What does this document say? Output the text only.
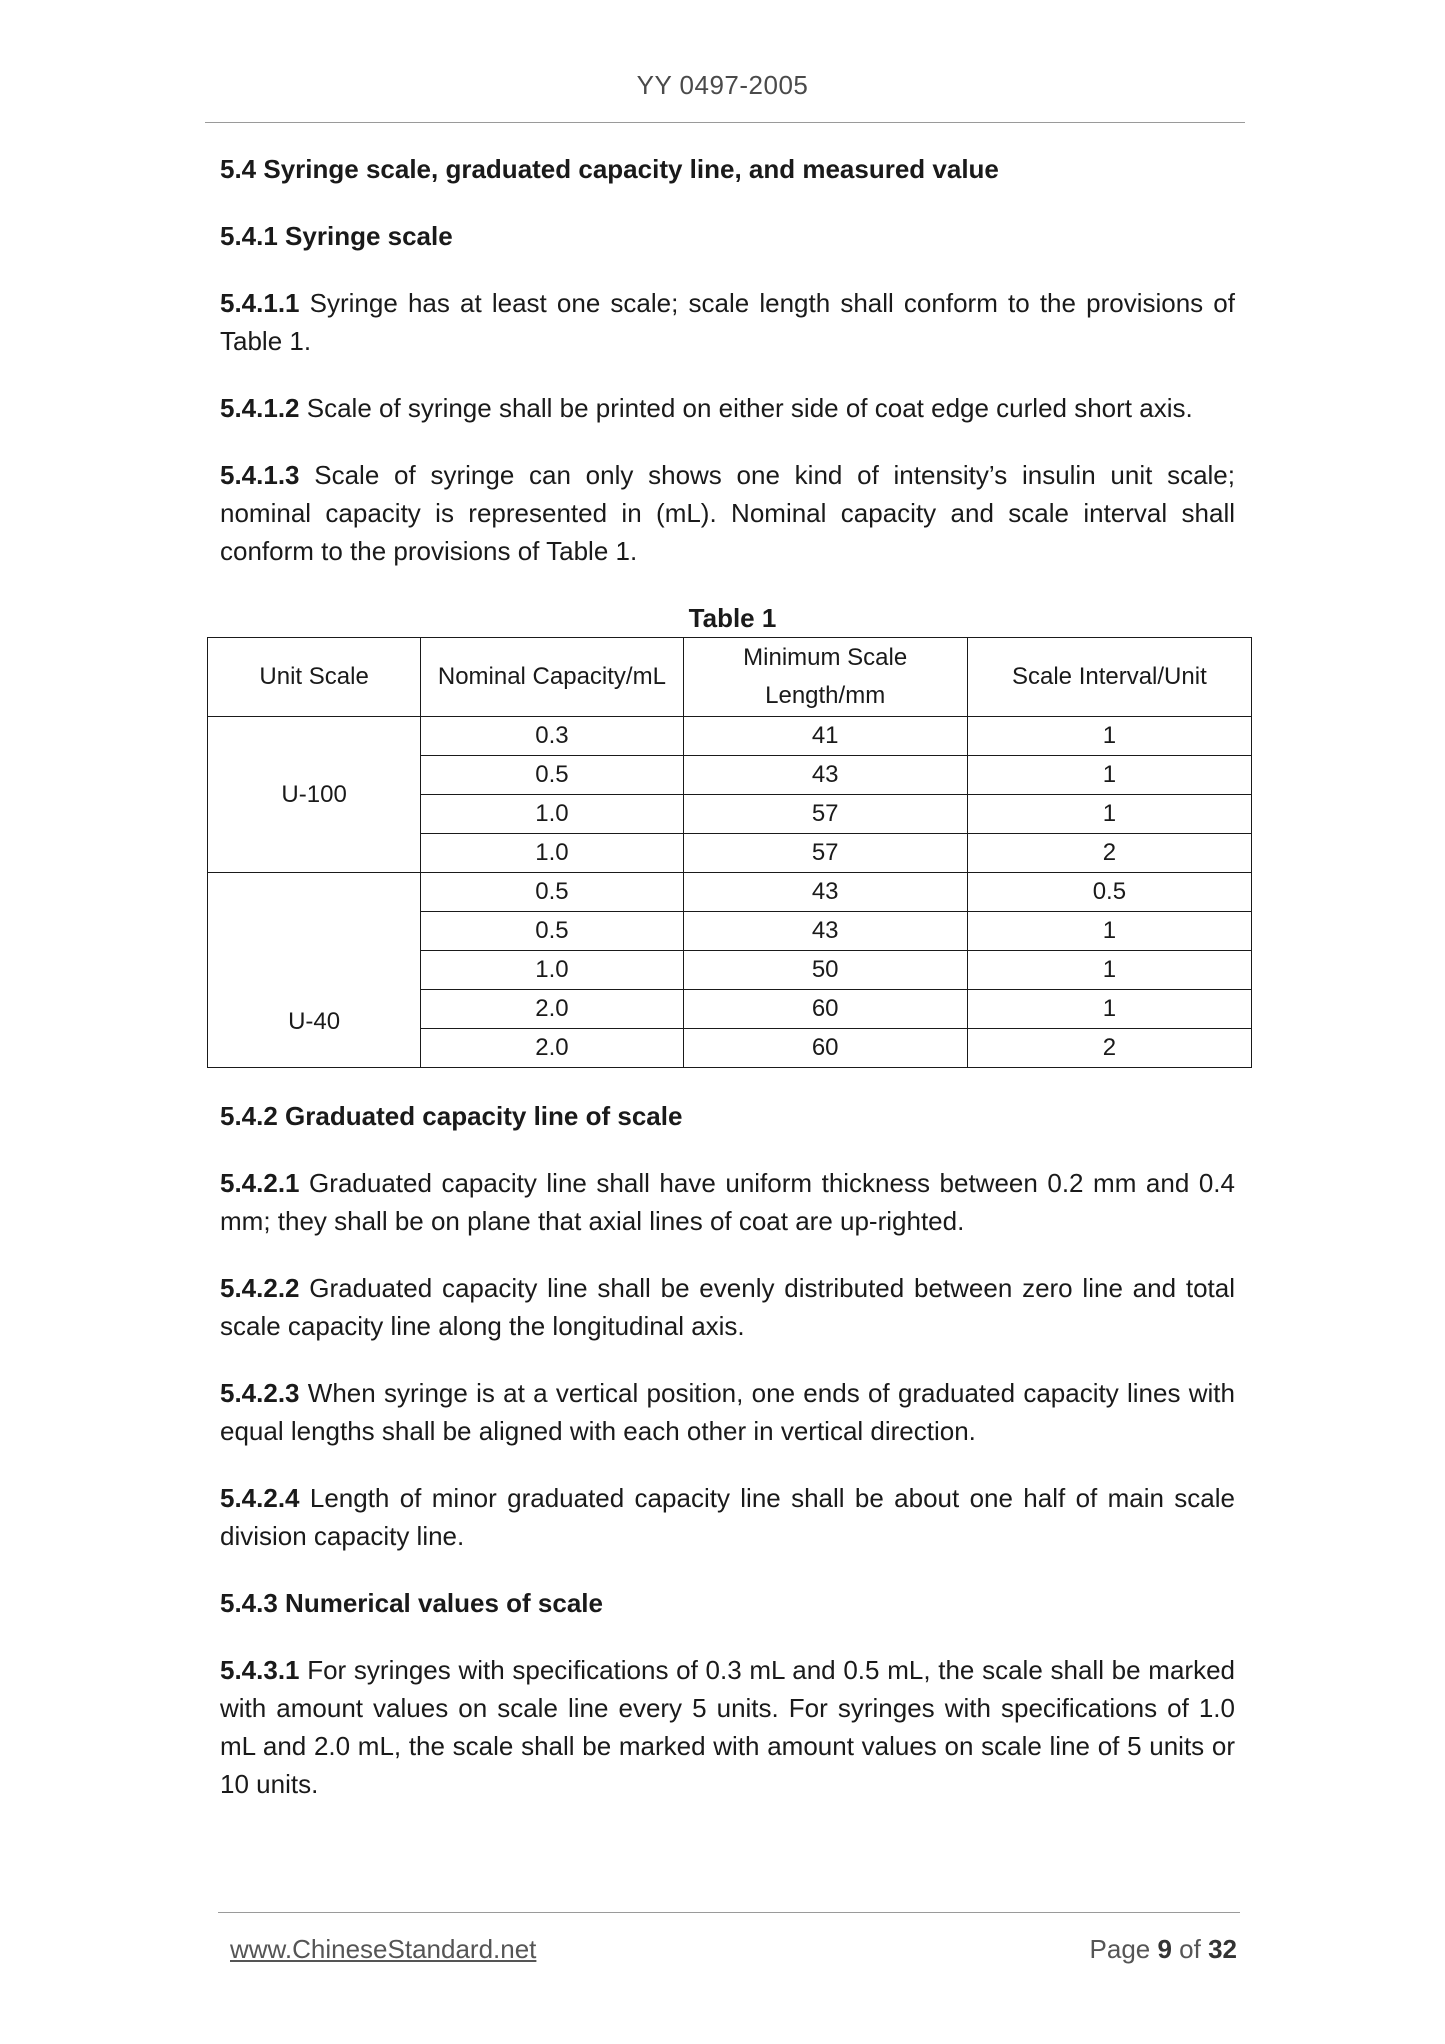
YY 0497-2005
5.4 Syringe scale, graduated capacity line, and measured value
5.4.1 Syringe scale
5.4.1.1 Syringe has at least one scale; scale length shall conform to the provisions of Table 1.
5.4.1.2 Scale of syringe shall be printed on either side of coat edge curled short axis.
5.4.1.3 Scale of syringe can only shows one kind of intensity’s insulin unit scale; nominal capacity is represented in (mL). Nominal capacity and scale interval shall conform to the provisions of Table 1.
Table 1
Unit Scale	Nominal Capacity/mL	Minimum Scale Length/mm	Scale Interval/Unit
U-100	0.3	41	1
	0.5	43	1
	1.0	57	1
	1.0	57	2
U-40	0.5	43	0.5
	0.5	43	1
	1.0	50	1
	2.0	60	1
	2.0	60	2
5.4.2 Graduated capacity line of scale
5.4.2.1 Graduated capacity line shall have uniform thickness between 0.2 mm and 0.4 mm; they shall be on plane that axial lines of coat are up-righted.
5.4.2.2 Graduated capacity line shall be evenly distributed between zero line and total scale capacity line along the longitudinal axis.
5.4.2.3 When syringe is at a vertical position, one ends of graduated capacity lines with equal lengths shall be aligned with each other in vertical direction.
5.4.2.4 Length of minor graduated capacity line shall be about one half of main scale division capacity line.
5.4.3 Numerical values of scale
5.4.3.1 For syringes with specifications of 0.3 mL and 0.5 mL, the scale shall be marked with amount values on scale line every 5 units. For syringes with specifications of 1.0 mL and 2.0 mL, the scale shall be marked with amount values on scale line of 5 units or 10 units.
www.ChineseStandard.net	Page 9 of 32
